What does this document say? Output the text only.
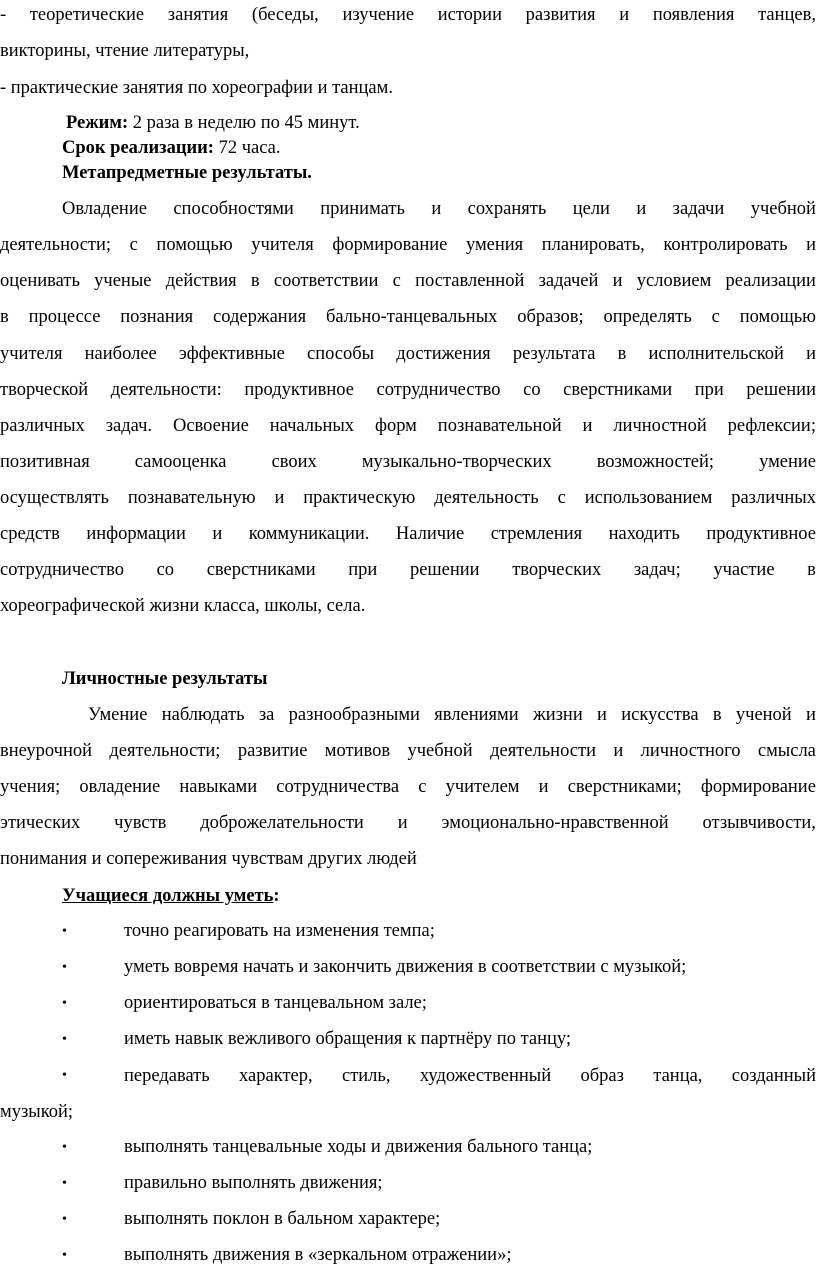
- теоретические занятия (беседы, изучение истории развития и появления танцев,
викторины, чтение литературы,
- практические занятия по хореографии и танцам.
Режим: 2 раза в неделю по 45 минут.
Срок реализации: 72 часа.
Метапредметные результаты.
Овладение способностями принимать и сохранять цели и задачи учебной
деятельности; с помощью учителя формирование умения планировать, контролировать и
оценивать ученые действия в соответствии с поставленной задачей и условием реализации
в процессе познания содержания бально-танцевальных образов; определять с помощью
учителя наиболее эффективные способы достижения результата в исполнительской и
творческой деятельности: продуктивное сотрудничество со сверстниками при решении
различных задач. Освоение начальных форм познавательной и личностной рефлексии;
позитивная самооценка своих музыкально-творческих возможностей; умение
осуществлять познавательную и практическую деятельность с использованием различных
средств информации и коммуникации. Наличие стремления находить продуктивное
сотрудничество со сверстниками при решении творческих задач; участие в
хореографической жизни класса, школы, села.
Личностные результаты
Умение наблюдать за разнообразными явлениями жизни и искусства в ученой и
внеурочной деятельности; развитие мотивов учебной деятельности и личностного смысла
учения; овладение навыками сотрудничества с учителем и сверстниками; формирование
этических чувств доброжелательности и эмоционально-нравственной отзывчивости,
понимания и сопереживания чувствам других людей
Учащиеся должны уметь:
•	точно реагировать на изменения темпа;
•	уметь вовремя начать и закончить движения в соответствии с музыкой;
•	ориентироваться в танцевальном зале;
•	иметь навык вежливого обращения к партнёру по танцу;
•	передавать характер, стиль, художественный образ танца, созданный
музыкой;
•	выполнять танцевальные ходы и движения бального танца;
•	правильно выполнять движения;
•	выполнять поклон в бальном характере;
•	выполнять движения в «зеркальном отражении»;
